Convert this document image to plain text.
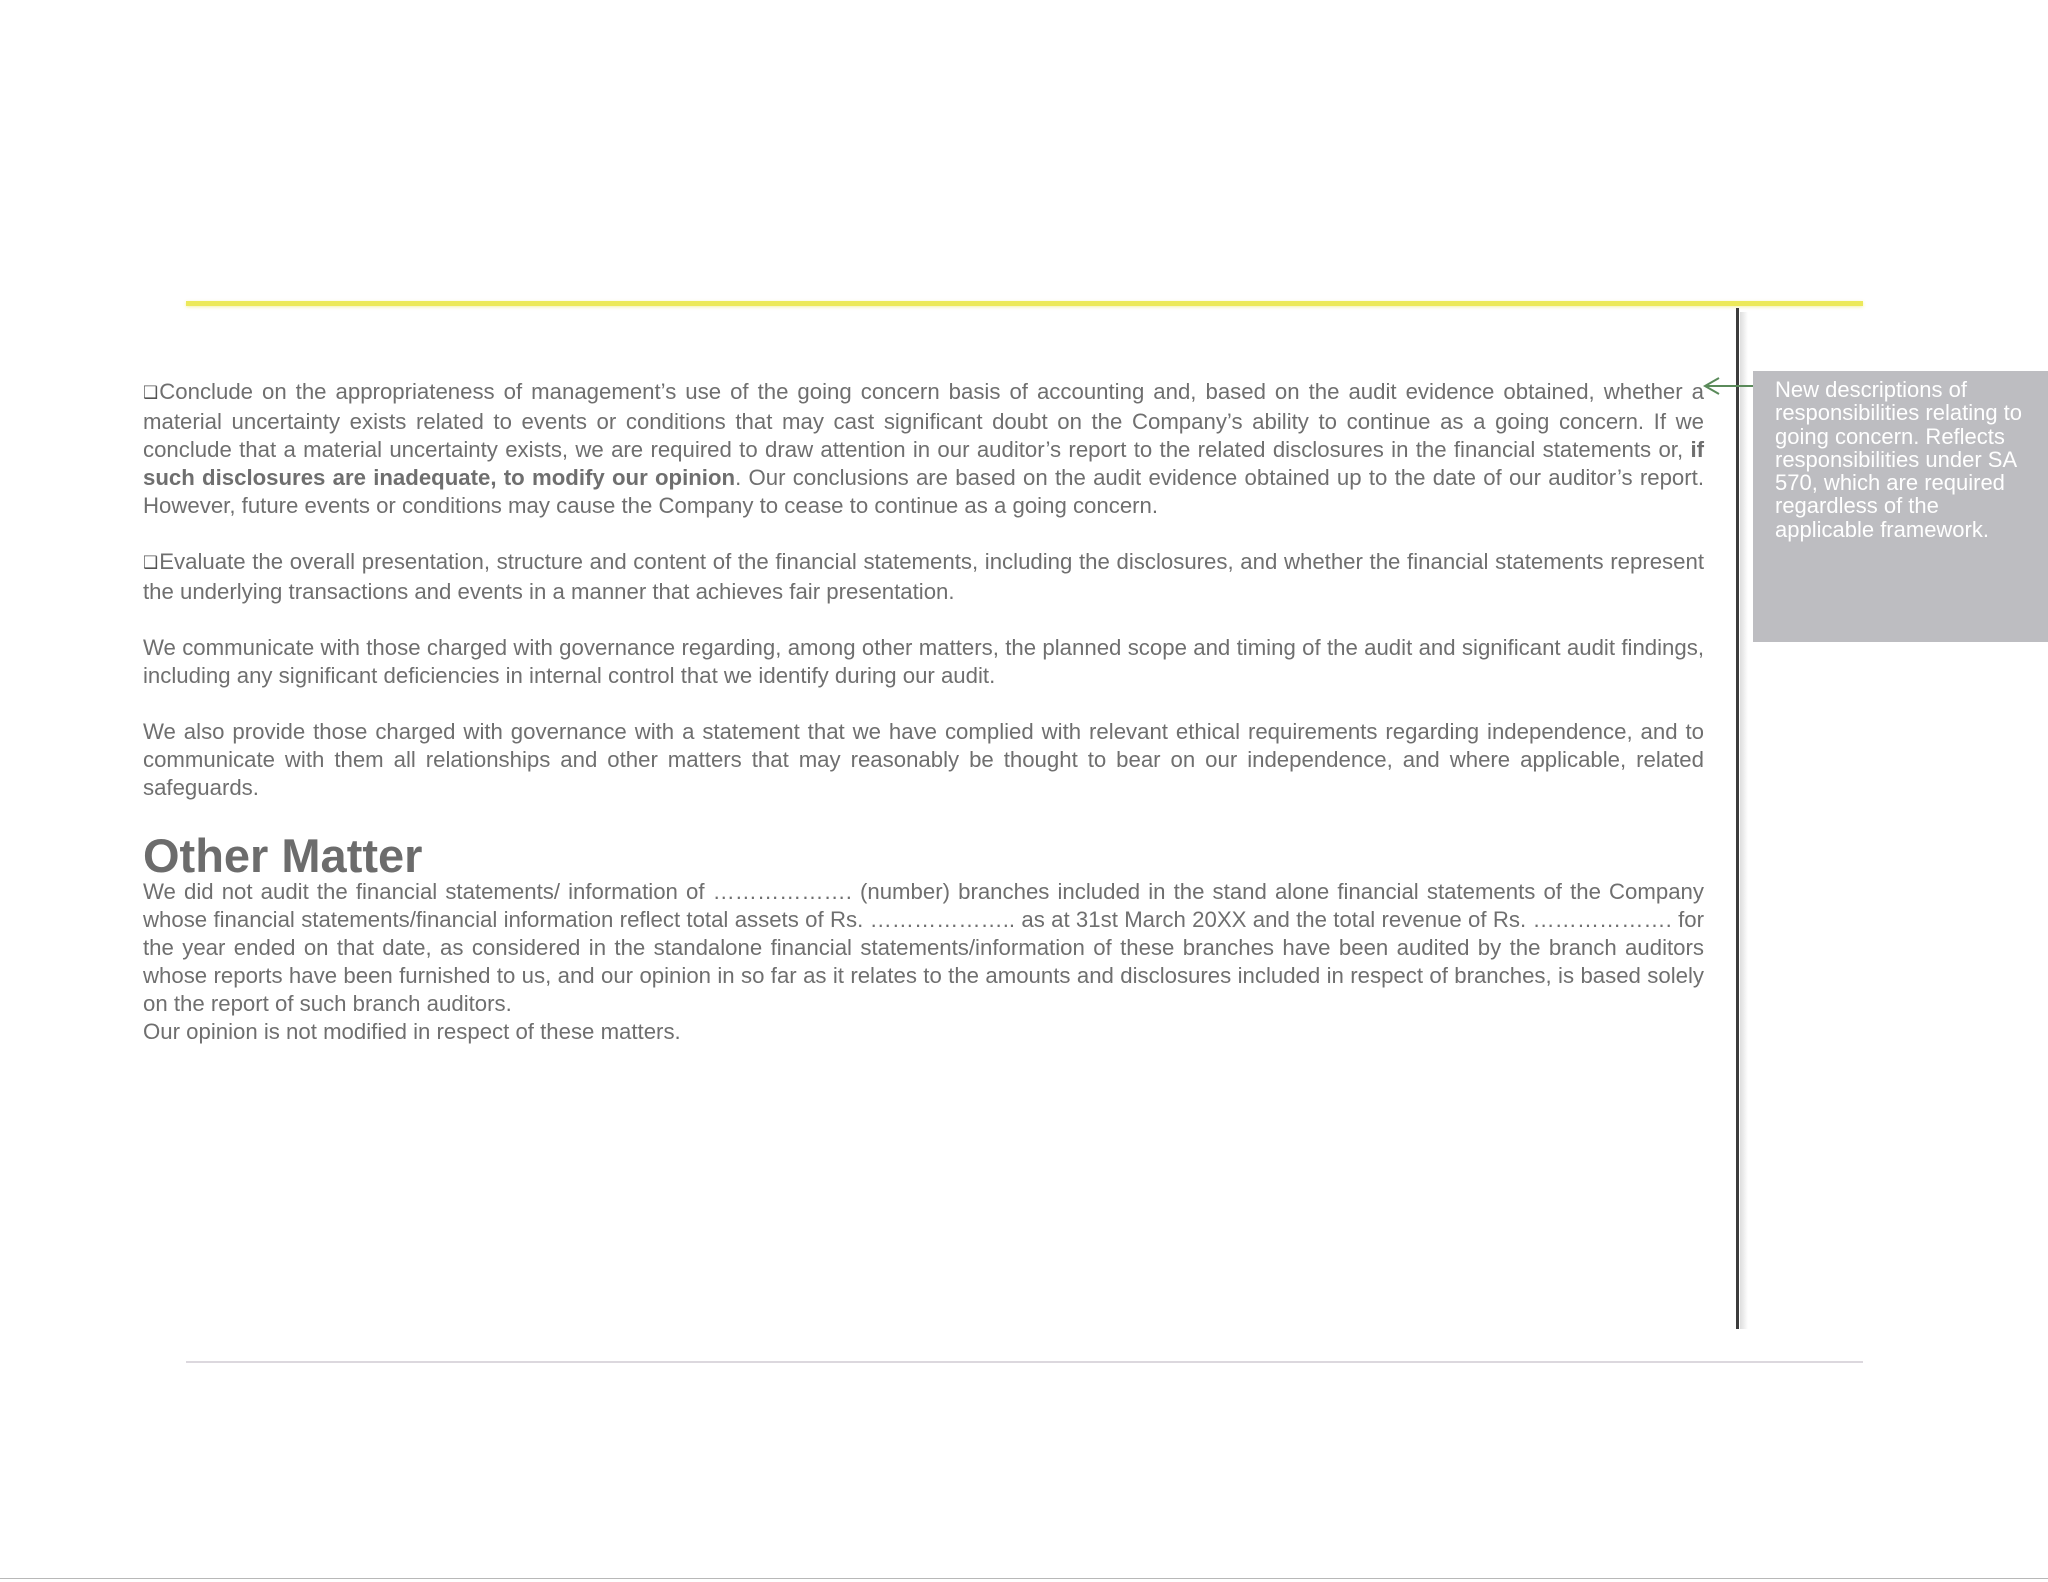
❑Conclude on the appropriateness of management’s use of the going concern basis of accounting and, based on the audit evidence obtained, whether a material uncertainty exists related to events or conditions that may cast significant doubt on the Company’s ability to continue as a going concern. If we conclude that a material uncertainty exists, we are required to draw attention in our auditor’s report to the related disclosures in the financial statements or, if such disclosures are inadequate, to modify our opinion. Our conclusions are based on the audit evidence obtained up to the date of our auditor’s report. However, future events or conditions may cause the Company to cease to continue as a going concern.

❑Evaluate the overall presentation, structure and content of the financial statements, including the disclosures, and whether the financial statements represent the underlying transactions and events in a manner that achieves fair presentation.

We communicate with those charged with governance regarding, among other matters, the planned scope and timing of the audit and significant audit findings, including any significant deficiencies in internal control that we identify during our audit.

We also provide those charged with governance with a statement that we have complied with relevant ethical requirements regarding independence, and to communicate with them all relationships and other matters that may reasonably be thought to bear on our independence, and where applicable, related safeguards.

Other Matter

We did not audit the financial statements/ information of ………………. (number) branches included in the stand alone financial statements of the Company whose financial statements/financial information reflect total assets of Rs. ……………….. as at 31st March 20XX and the total revenue of Rs. ………………. for the year ended on that date, as considered in the standalone financial statements/information of these branches have been audited by the branch auditors whose reports have been furnished to us, and our opinion in so far as it relates to the amounts and disclosures included in respect of branches, is based solely on the report of such branch auditors.

Our opinion is not modified in respect of these matters.

New descriptions of responsibilities relating to going concern. Reflects responsibilities under SA 570, which are required regardless of the applicable framework.
